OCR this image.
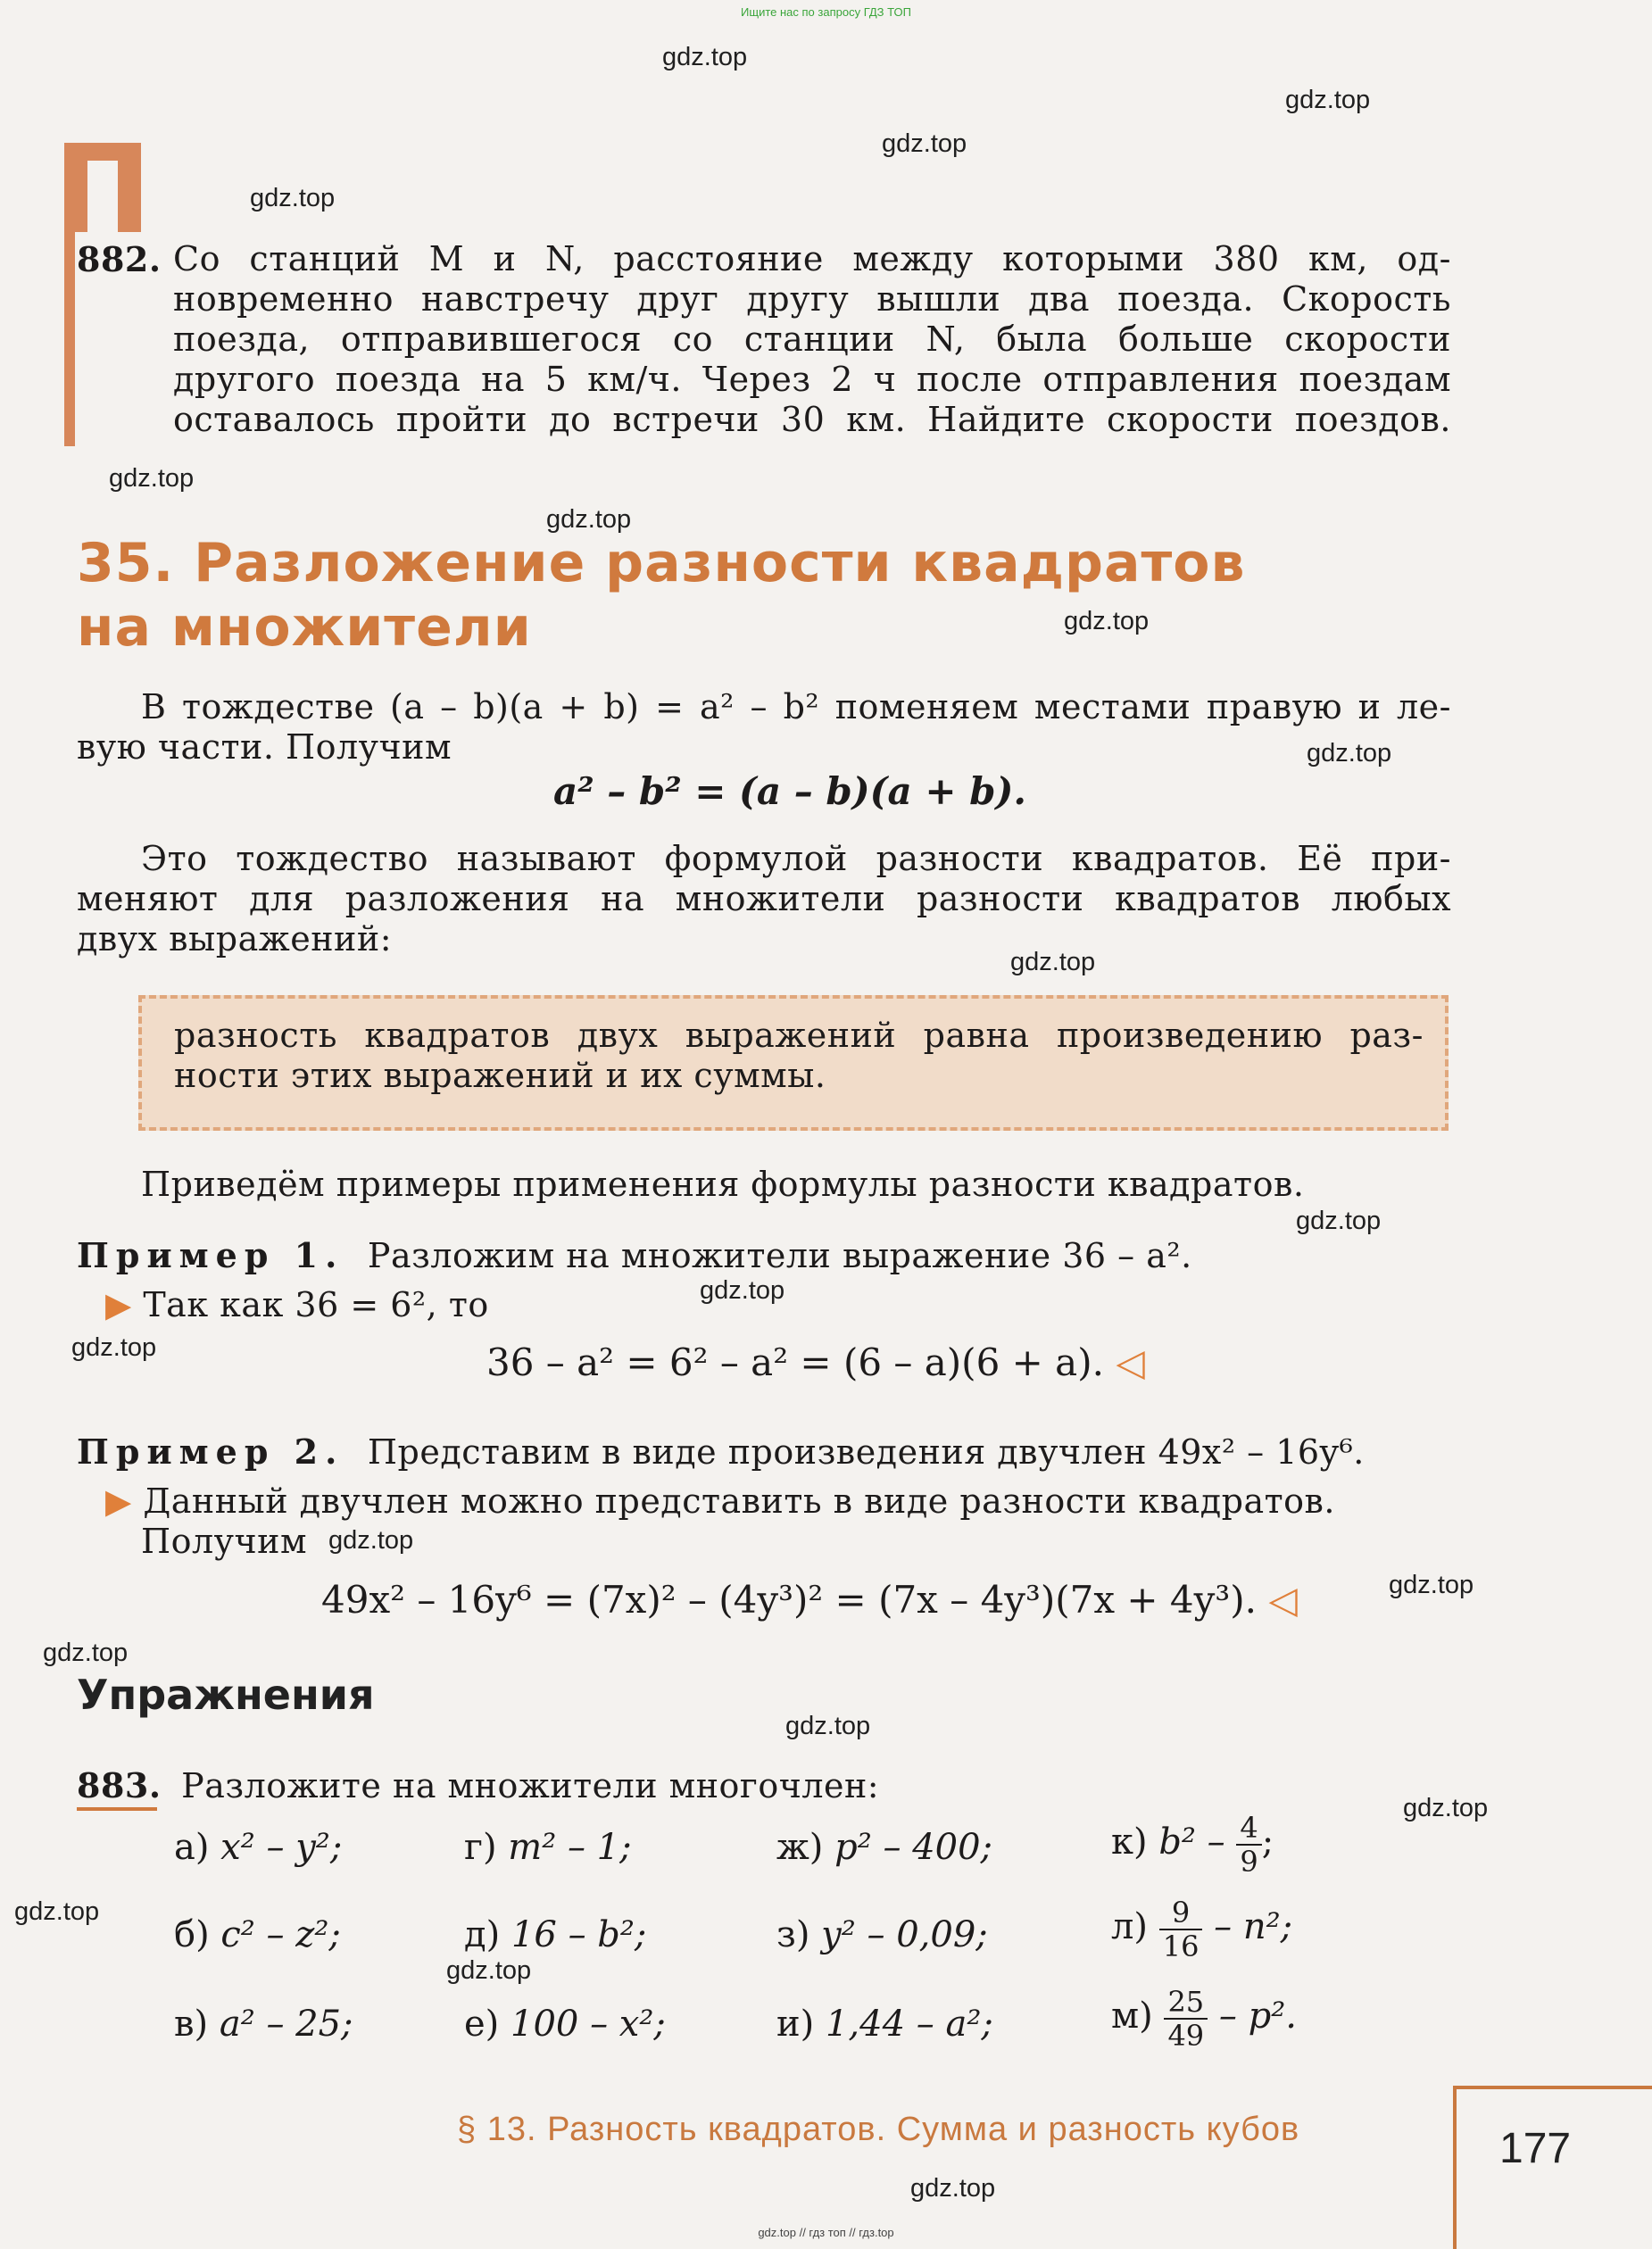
Ищите нас по запросу ГДЗ ТОП
gdz.top // гдз топ // гдз.top

882. Со станций M и N, расстояние между которыми 380 км, од-
новременно навстречу друг другу вышли два поезда. Скорость
поезда, отправившегося со станции N, была больше скорости
другого поезда на 5 км/ч. Через 2 ч после отправления поездам
оставалось пройти до встречи 30 км. Найдите скорости поездов.
35. Разложение разности квадратов
на множители
В тождестве (a – b)(a + b) = a² – b² поменяем местами правую и ле-
вую части. Получим
a² – b² = (a – b)(a + b).
Это тождество называют формулой разности квадратов. Её при-
меняют для разложения на множители разности квадратов любых
двух выражений:
разность квадратов двух выражений равна произведению раз-
ности этих выражений и их суммы.
Приведём примеры применения формулы разности квадратов.
Пример 1. Разложим на множители выражение 36 – a².
▶ Так как 36 = 6², то
36 – a² = 6² – a² = (6 – a)(6 + a). ◁
Пример 2. Представим в виде произведения двучлен 49x² – 16y⁶.
▶ Данный двучлен можно представить в виде разности квадратов.
Получим
49x² – 16y⁶ = (7x)² – (4y³)² = (7x – 4y³)(7x + 4y³). ◁
Упражнения
883. Разложите на множители многочлен:
а) x² – y²;	г) m² – 1;	ж) p² – 400;	к) $b^2 - \frac{4}{9}$ ;
б) c² – z²;	д) 16 – b²;	з) y² – 0,09;	$л) \frac{9}{16} - n^2$;
в) a² – 25;	е) 100 – x²;	и) 1,44 – a²;	$м) \frac{25}{49} - p^2$.
§ 13. Разность квадратов. Сумма и разность кубов	177
gdz.top
gdz.top
gdz.top
gdz.top
gdz.top
gdz.top
gdz.top
gdz.top
gdz.top
gdz.top
gdz.top
gdz.top
gdz.top
gdz.top
gdz.top
gdz.top
gdz.top
gdz.top
gdz.top
gdz.top
